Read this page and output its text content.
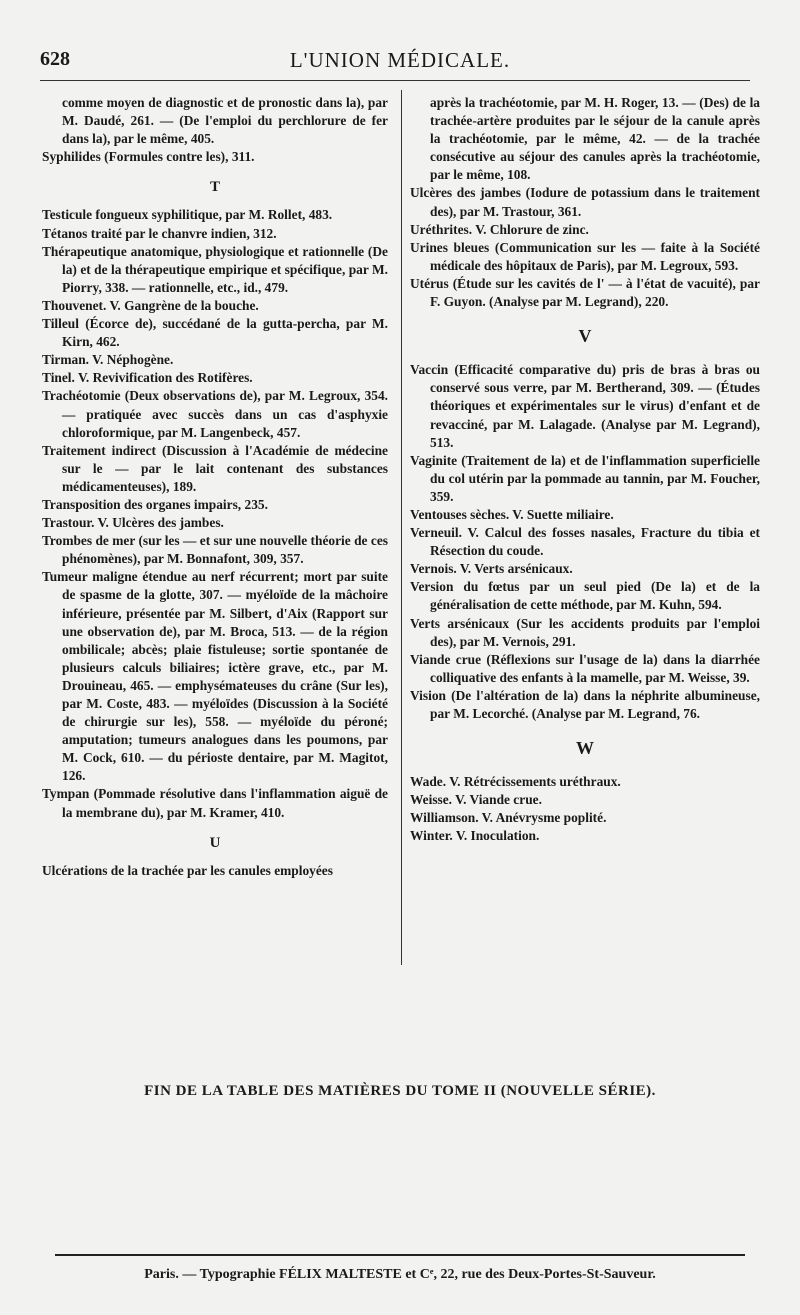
628	L'UNION MÉDICALE.

comme moyen de diagnostic et de pronostic dans la), par M. Daudé, 261. — (De l'emploi du perchlorure de fer dans la), par le même, 405.

Syphilides (Formules contre les), 311.

T

Testicule fongueux syphilitique, par M. Rollet, 483.

Tétanos traité par le chanvre indien, 312.

Thérapeutique anatomique, physiologique et rationnelle (De la) et de la thérapeutique empirique et spécifique, par M. Piorry, 338. — rationnelle, etc., id., 479.

Thouvenet. V. Gangrène de la bouche.

Tilleul (Écorce de), succédané de la gutta-percha, par M. Kirn, 462.

Tirman. V. Néphogène.

Tinel. V. Revivification des Rotifères.

Trachéotomie (Deux observations de), par M. Legroux, 354. — pratiquée avec succès dans un cas d'asphyxie chloroformique, par M. Langenbeck, 457.

Traitement indirect (Discussion à l'Académie de médecine sur le — par le lait contenant des substances médicamenteuses), 189.

Transposition des organes impairs, 235.

Trastour. V. Ulcères des jambes.

Trombes de mer (sur les — et sur une nouvelle théorie de ces phénomènes), par M. Bonnafont, 309, 357.

Tumeur maligne étendue au nerf récurrent; mort par suite de spasme de la glotte, 307. — myéloïde de la mâchoire inférieure, présentée par M. Silbert, d'Aix (Rapport sur une observation de), par M. Broca, 513. — de la région ombilicale; abcès; plaie fistuleuse; sortie spontanée de plusieurs calculs biliaires; ictère grave, etc., par M. Drouineau, 465. — emphysémateuses du crâne (Sur les), par M. Coste, 483. — myéloïdes (Discussion à la Société de chirurgie sur les), 558. — myéloïde du péroné; amputation; tumeurs analogues dans les poumons, par M. Cock, 610. — du périoste dentaire, par M. Magitot, 126.

Tympan (Pommade résolutive dans l'inflammation aiguë de la membrane du), par M. Kramer, 410.

U

Ulcérations de la trachée par les canules employées

après la trachéotomie, par M. H. Roger, 13. — (Des) de la trachée-artère produites par le séjour de la canule après la trachéotomie, par le même, 42. — de la trachée consécutive au séjour des canules après la trachéotomie, par le même, 108.

Ulcères des jambes (Iodure de potassium dans le traitement des), par M. Trastour, 361.

Uréthrites. V. Chlorure de zinc.

Urines bleues (Communication sur les — faite à la Société médicale des hôpitaux de Paris), par M. Legroux, 593.

Utérus (Étude sur les cavités de l' — à l'état de vacuité), par F. Guyon. (Analyse par M. Legrand), 220.

V

Vaccin (Efficacité comparative du) pris de bras à bras ou conservé sous verre, par M. Bertherand, 309. — (Études théoriques et expérimentales sur le virus) d'enfant et de revacciné, par M. Lalagade. (Analyse par M. Legrand), 513.

Vaginite (Traitement de la) et de l'inflammation superficielle du col utérin par la pommade au tannin, par M. Foucher, 359.

Ventouses sèches. V. Suette miliaire.

Verneuil. V. Calcul des fosses nasales, Fracture du tibia et Résection du coude.

Vernois. V. Verts arsénicaux.

Version du fœtus par un seul pied (De la) et de la généralisation de cette méthode, par M. Kuhn, 594.

Verts arsénicaux (Sur les accidents produits par l'emploi des), par M. Vernois, 291.

Viande crue (Réflexions sur l'usage de la) dans la diarrhée colliquative des enfants à la mamelle, par M. Weisse, 39.

Vision (De l'altération de la) dans la néphrite albumineuse, par M. Lecorché. (Analyse par M. Legrand, 76.

W

Wade. V. Rétrécissements uréthraux.

Weisse. V. Viande crue.

Williamson. V. Anévrysme poplité.

Winter. V. Inoculation.

FIN DE LA TABLE DES MATIÈRES DU TOME II (NOUVELLE SÉRIE).
Paris. — Typographie FÉLIX MALTESTE et Cᵉ, 22, rue des Deux-Portes-St-Sauveur.
